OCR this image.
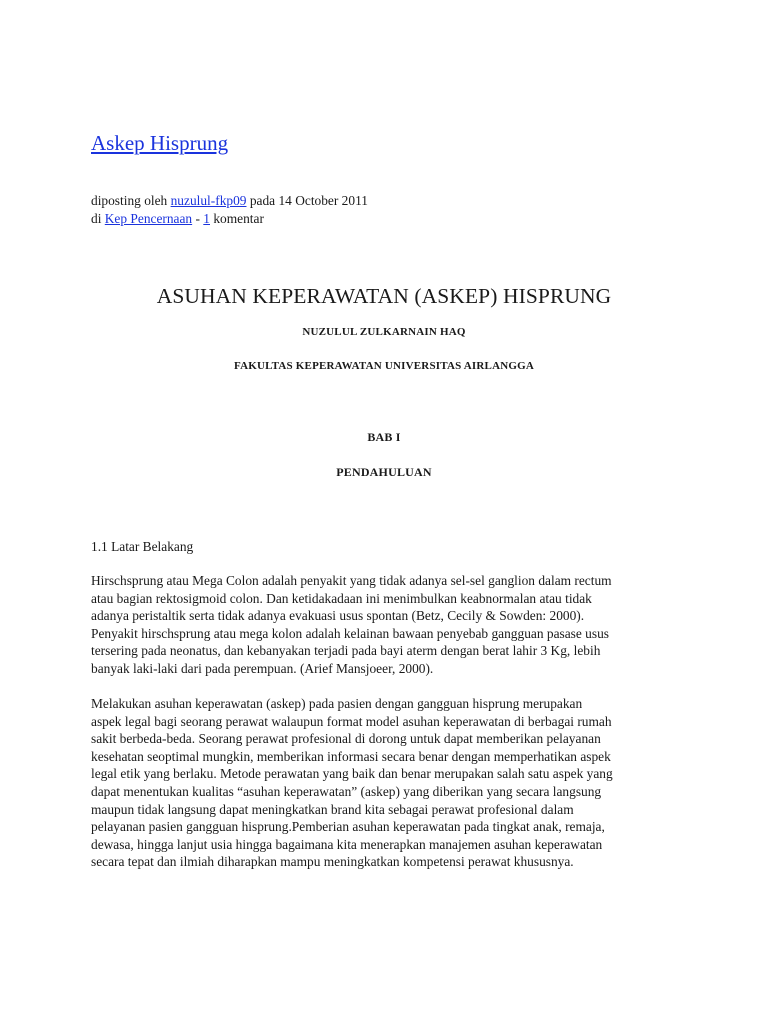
Askep Hisprung
diposting oleh nuzulul-fkp09 pada 14 October 2011
di Kep Pencernaan - 1 komentar
ASUHAN KEPERAWATAN (ASKEP) HISPRUNG

NUZULUL ZULKARNAIN HAQ

FAKULTAS KEPERAWATAN UNIVERSITAS AIRLANGGA

BAB I

PENDAHULUAN

1.1 Latar Belakang

Hirschsprung atau Mega Colon adalah penyakit yang tidak adanya sel-sel ganglion dalam rectum
atau bagian rektosigmoid colon. Dan ketidakadaan ini menimbulkan keabnormalan atau tidak
adanya peristaltik serta tidak adanya evakuasi usus spontan (Betz, Cecily & Sowden: 2000).
Penyakit hirschsprung atau mega kolon adalah kelainan bawaan penyebab gangguan pasase usus
tersering pada neonatus, dan kebanyakan terjadi pada bayi aterm dengan berat lahir 3 Kg, lebih
banyak laki-laki dari pada perempuan. (Arief Mansjoeer, 2000).

Melakukan asuhan keperawatan (askep) pada pasien dengan gangguan hisprung merupakan
aspek legal bagi seorang perawat walaupun format model asuhan keperawatan di berbagai rumah
sakit berbeda-beda. Seorang perawat profesional di dorong untuk dapat memberikan pelayanan
kesehatan seoptimal mungkin, memberikan informasi secara benar dengan memperhatikan aspek
legal etik yang berlaku. Metode perawatan yang baik dan benar merupakan salah satu aspek yang
dapat menentukan kualitas “asuhan keperawatan” (askep) yang diberikan yang secara langsung
maupun tidak langsung dapat meningkatkan brand kita sebagai perawat profesional dalam
pelayanan pasien gangguan hisprung.Pemberian asuhan keperawatan pada tingkat anak, remaja,
dewasa, hingga lanjut usia hingga bagaimana kita menerapkan manajemen asuhan keperawatan
secara tepat dan ilmiah diharapkan mampu meningkatkan kompetensi perawat khususnya.
